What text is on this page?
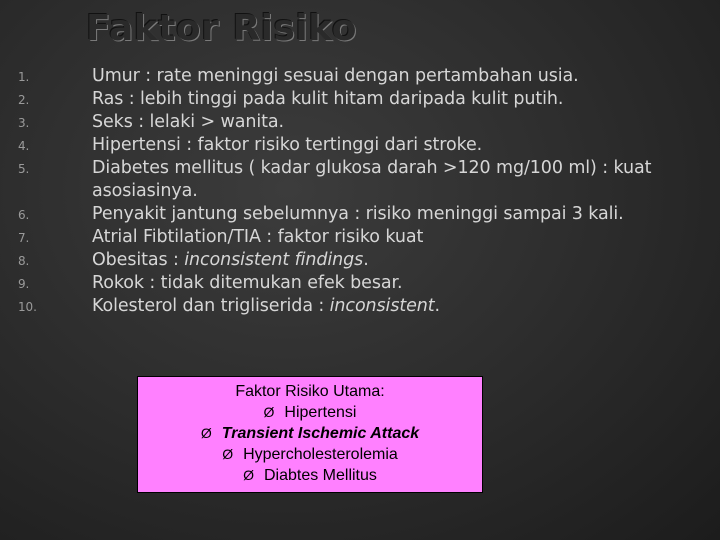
Faktor Risiko
1.	Umur : rate meninggi sesuai dengan pertambahan usia.
2.	Ras : lebih tinggi pada kulit hitam daripada kulit putih.
3.	Seks : lelaki > wanita.
4.	Hipertensi : faktor risiko tertinggi dari stroke.
5.	Diabetes mellitus ( kadar glukosa darah >120 mg/100 ml) : kuat asosiasinya.
6.	Penyakit jantung sebelumnya : risiko meninggi sampai 3 kali.
7.	Atrial Fibtilation/TIA : faktor risiko kuat
8.	Obesitas : inconsistent findings.
9.	Rokok : tidak ditemukan efek besar.
10.	Kolesterol dan trigliserida : inconsistent.
Faktor Risiko Utama:
Ø Hipertensi
Ø Transient Ischemic Attack
Ø Hypercholesterolemia
Ø Diabtes Mellitus
